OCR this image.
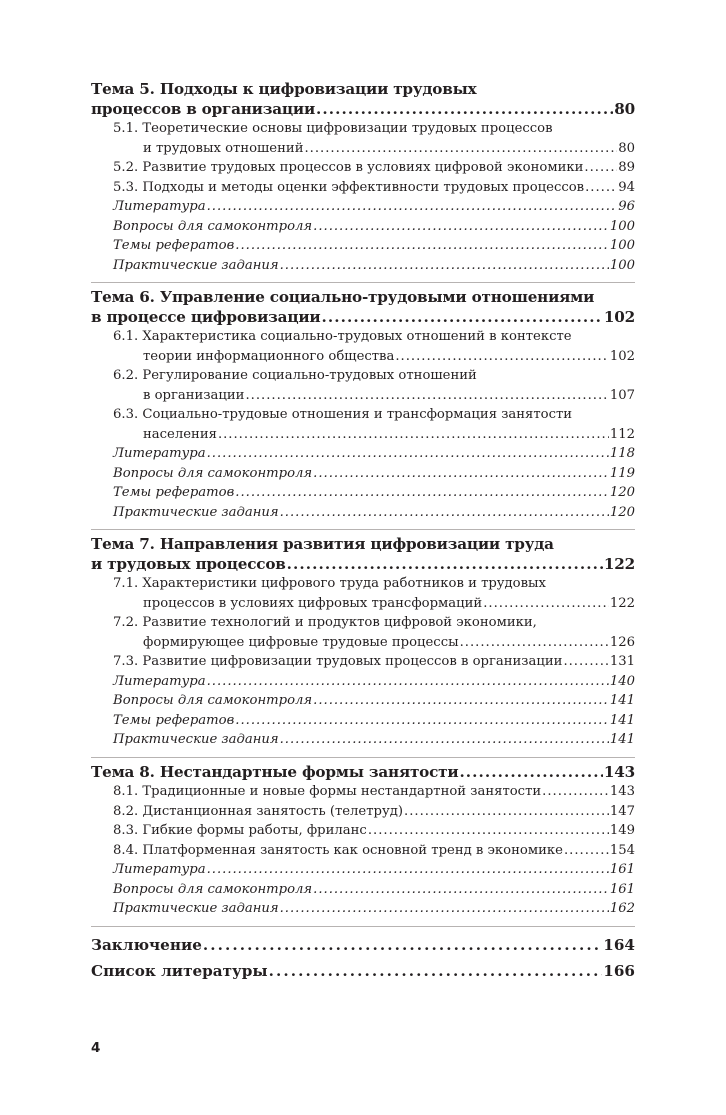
Тема 5. Подходы к цифровизации трудовых
процессов в организации . . .	80
5.1. Теоретические основы цифровизации трудовых процессов
и трудовых отношений . . .	80
5.2. Развитие трудовых процессов в условиях цифровой экономики . . .	89
5.3. Подходы и методы оценки эффективности трудовых процессов . . .	94
Литература . . .	96
Вопросы для самоконтроля . . .	100
Темы рефератов . . .	100
Практические задания . . .	100
Тема 6. Управление социально-трудовыми отношениями
в процессе цифровизации . . .	102
6.1. Характеристика социально-трудовых отношений в контексте
теории информационного общества . . .	102
6.2. Регулирование социально-трудовых отношений
в организации . . .	107
6.3. Социально-трудовые отношения и трансформация занятости
населения . . .	112
Литература . . .	118
Вопросы для самоконтроля . . .	119
Темы рефератов . . .	120
Практические задания . . .	120
Тема 7. Направления развития цифровизации труда
и трудовых процессов . . .	122
7.1. Характеристики цифрового труда работников и трудовых
процессов в условиях цифровых трансформаций . . .	122
7.2. Развитие технологий и продуктов цифровой экономики,
формирующее цифровые трудовые процессы . . .	126
7.3. Развитие цифровизации трудовых процессов в организации . . .	131
Литература . . .	140
Вопросы для самоконтроля . . .	141
Темы рефератов . . .	141
Практические задания . . .	141
Тема 8. Нестандартные формы занятости . . .	143
8.1. Традиционные и новые формы нестандартной занятости . . .	143
8.2. Дистанционная занятость (телетруд) . . .	147
8.3. Гибкие формы работы, фриланс . . .	149
8.4. Платформенная занятость как основной тренд в экономике . . .	154
Литература . . .	161
Вопросы для самоконтроля . . .	161
Практические задания . . .	162
Заключение . . .	164
Список литературы . . .	166
4
